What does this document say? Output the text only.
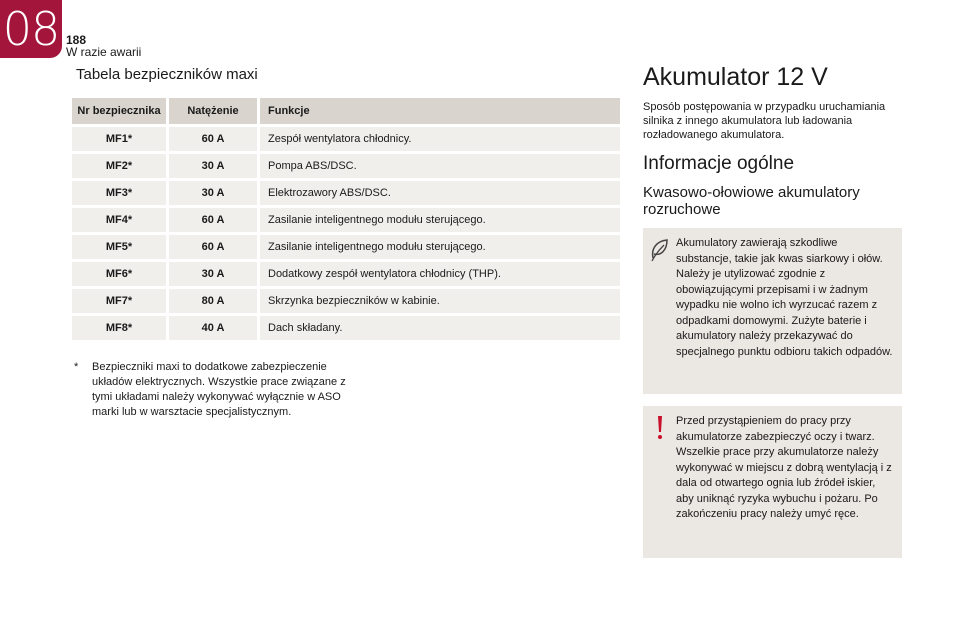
08 188
W razie awarii
Tabela bezpieczników maxi
Nr bezpiecznika	Natężenie	Funkcje
MF1*	60 A	Zespół wentylatora chłodnicy.
MF2*	30 A	Pompa ABS/DSC.
MF3*	30 A	Elektrozawory ABS/DSC.
MF4*	60 A	Zasilanie inteligentnego modułu sterującego.
MF5*	60 A	Zasilanie inteligentnego modułu sterującego.
MF6*	30 A	Dodatkowy zespół wentylatora chłodnicy (THP).
MF7*	80 A	Skrzynka bezpieczników w kabinie.
MF8*	40 A	Dach składany.
*	Bezpieczniki maxi to dodatkowe zabezpieczenie układów elektrycznych. Wszystkie prace związane z tymi układami należy wykonywać wyłącznie w ASO marki lub w warsztacie specjalistycznym.
Akumulator 12 V
Sposób postępowania w przypadku uruchamiania silnika z innego akumulatora lub ładowania rozładowanego akumulatora.
Informacje ogólne
Kwasowo-ołowiowe akumulatory rozruchowe
Akumulatory zawierają szkodliwe substancje, takie jak kwas siarkowy i ołów. Należy je utylizować zgodnie z obowiązującymi przepisami i w żadnym wypadku nie wolno ich wyrzucać razem z odpadkami domowymi. Zużyte baterie i akumulatory należy przekazywać do specjalnego punktu odbioru takich odpadów.
Przed przystąpieniem do pracy przy akumulatorze zabezpieczyć oczy i twarz. Wszelkie prace przy akumulatorze należy wykonywać w miejscu z dobrą wentylacją i z dala od otwartego ognia lub źródeł iskier, aby uniknąć ryzyka wybuchu i pożaru. Po zakończeniu pracy należy umyć ręce.
